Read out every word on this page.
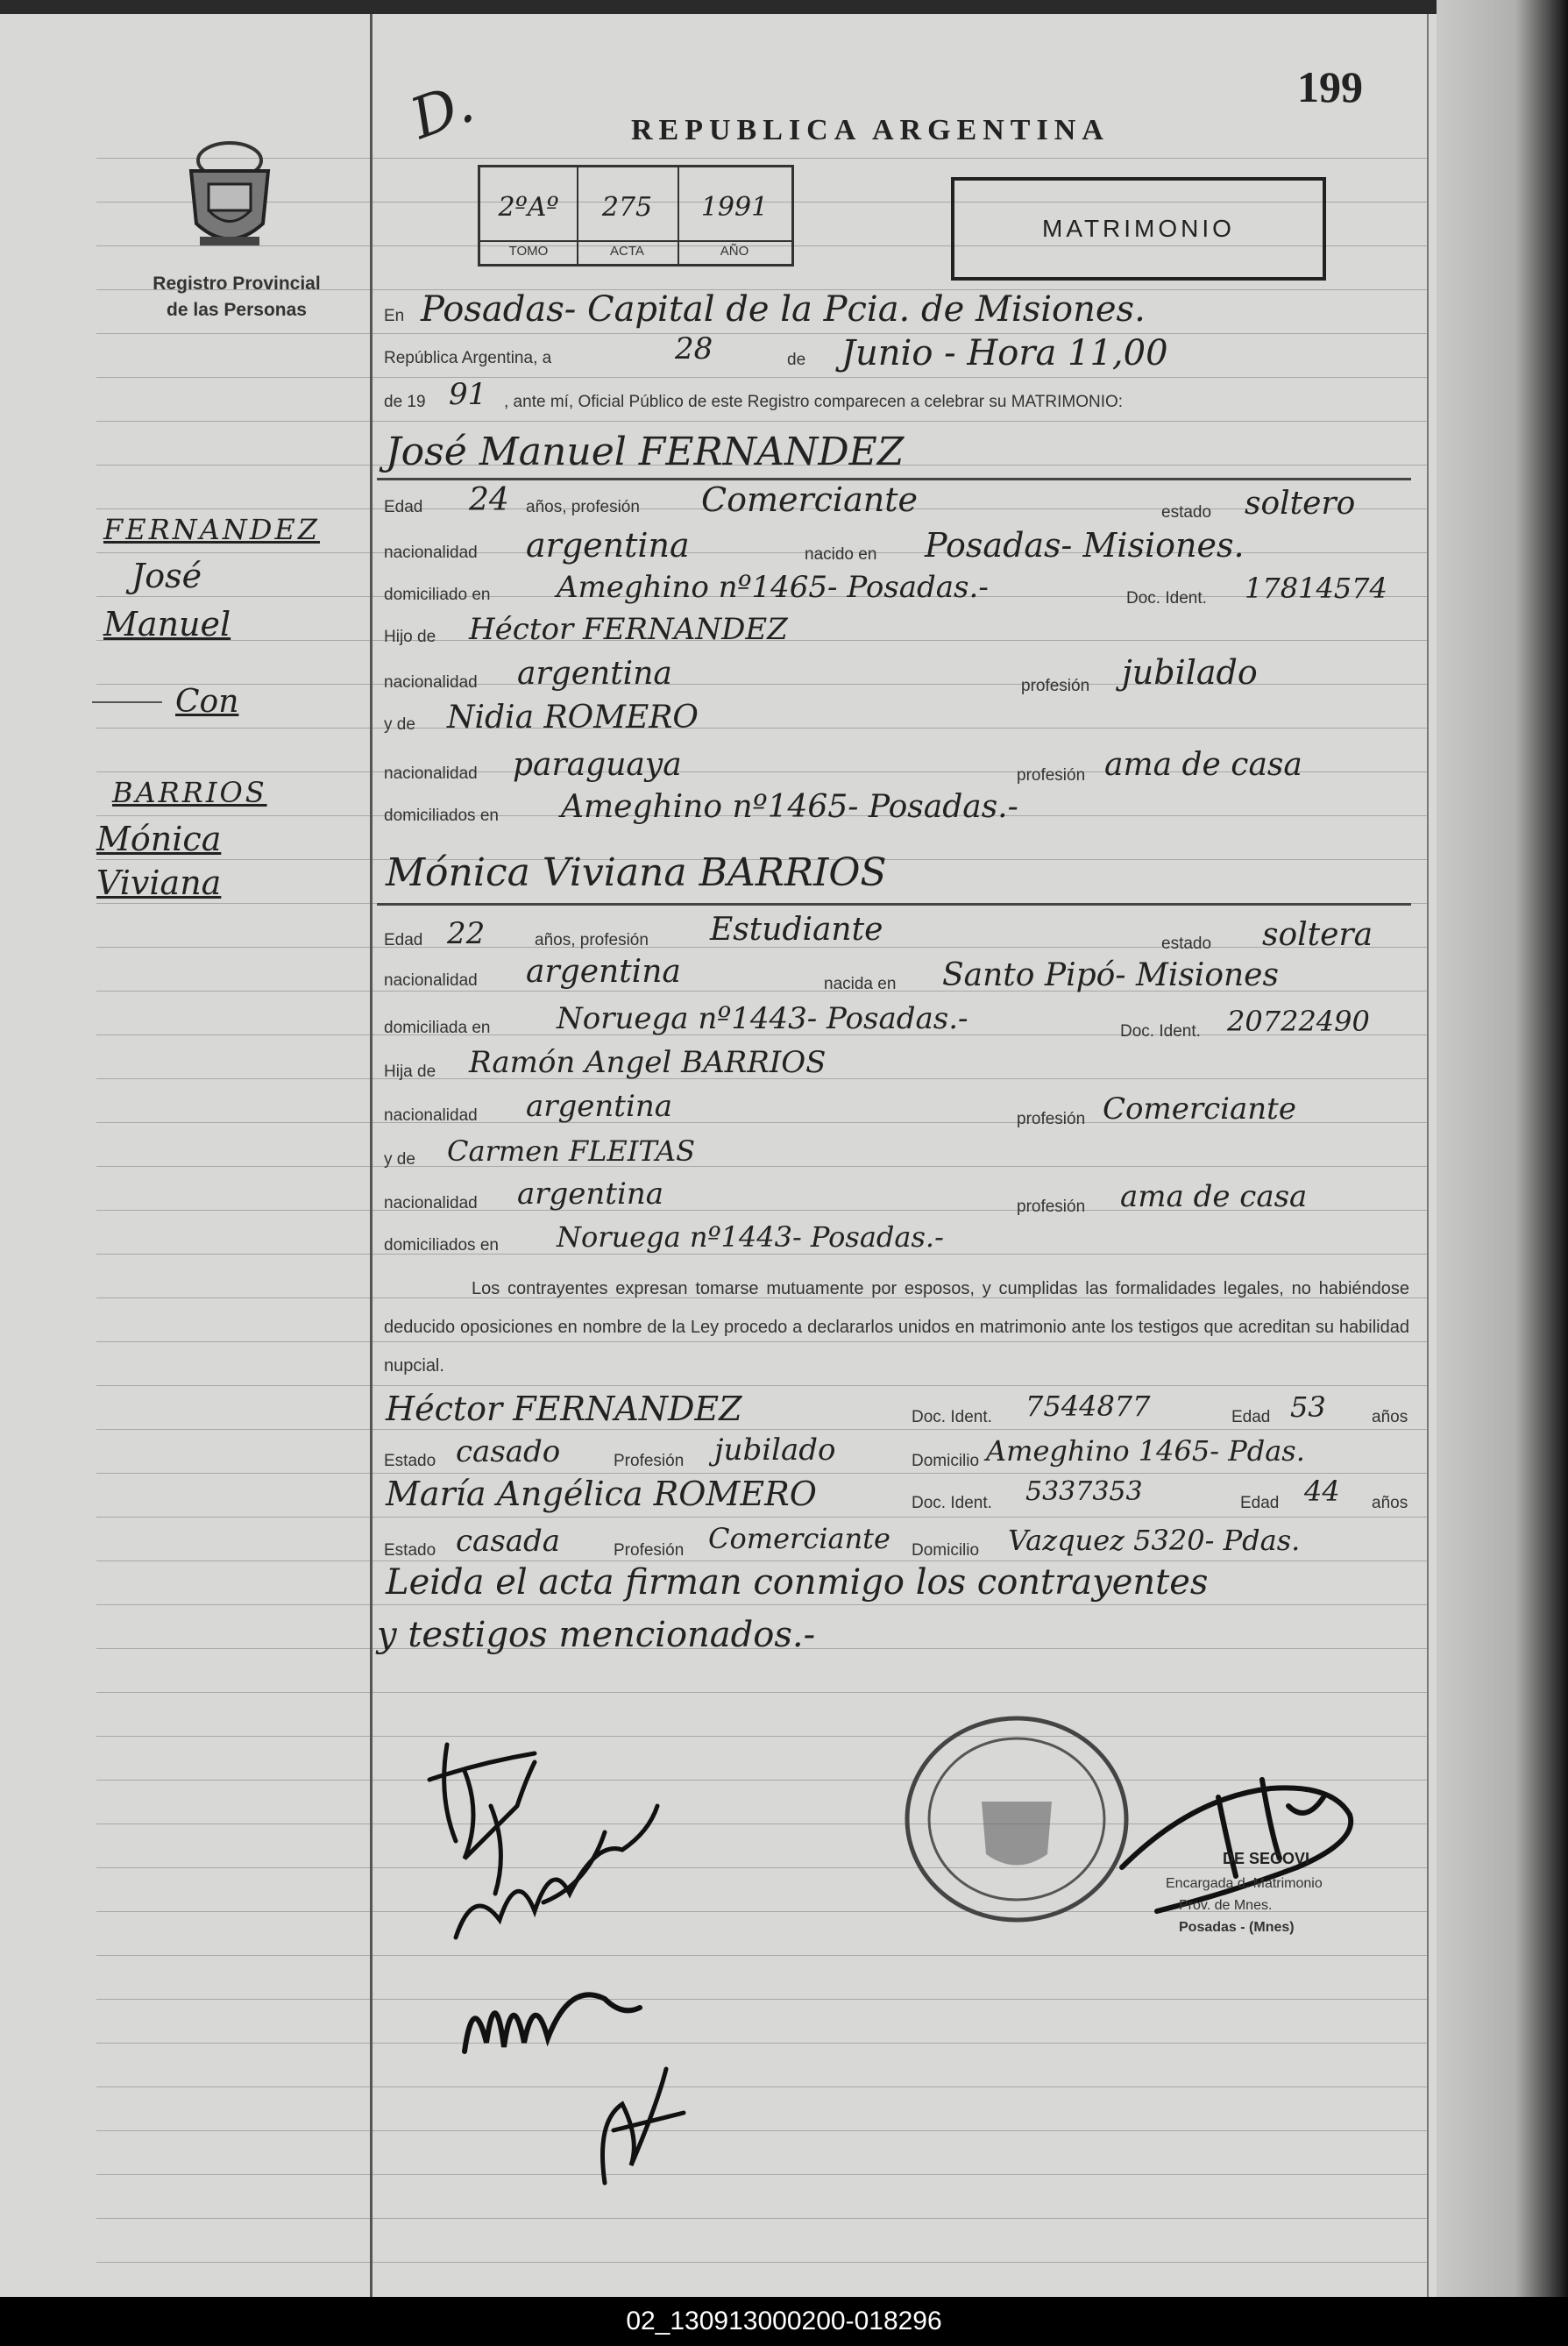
Registro Provincial
de las Personas
D.	REPUBLICA ARGENTINA
199
2ºAº
TOMO
275
ACTA
1991
AÑO
MATRIMONIO
FERNANDEZ
José
Manuel
Con
BARRIOS
Mónica
Viviana
En Posadas- Capital de la Pcia. de Misiones.
República Argentina, a	28	de Junio - Hora 11,00
de 19 91 , ante mí, Oficial Público de este Registro comparecen a celebrar su MATRIMONIO:
José Manuel FERNANDEZ
Edad 24 años, profesión Comerciante	estado soltero
nacionalidad argentina	nacido en Posadas- Misiones.
domiciliado en Ameghino nº1465- Posadas.-	Doc. Ident. 17814574
Hijo de Héctor FERNANDEZ
nacionalidad argentina	profesión jubilado
y de Nidia ROMERO
nacionalidad paraguaya	profesión ama de casa
domiciliados en Ameghino nº1465- Posadas.-
Mónica Viviana BARRIOS
Edad 22	años, profesión Estudiante	estado soltera
nacionalidad argentina	nacida en Santo Pipó- Misiones
domiciliada en Noruega nº1443- Posadas.-	Doc. Ident. 20722490
Hija de Ramón Angel BARRIOS
nacionalidad argentina	profesión Comerciante
y de Carmen FLEITAS
nacionalidad argentina	profesión ama de casa
domiciliados en Noruega nº1443- Posadas.-
Los contrayentes expresan tomarse mutuamente por esposos, y cumplidas las formalidades legales, no habiéndose deducido oposiciones en nombre de la Ley procedo a declararlos unidos en matrimonio ante los testigos que acreditan su habilidad nupcial.
Héctor FERNANDEZ	Doc. Ident. 7544877	Edad 53	años
Estado casado	Profesión jubilado	Domicilio Ameghino 1465- Pdas.
María Angélica ROMERO	Doc. Ident. 5337353	Edad 44 años
Estado casada	Profesión Comerciante Domicilio Vazquez 5320- Pdas.
Leida el acta firman conmigo los contrayentes
y testigos mencionados.-
DE SEGOVI
Encargada d. Matrimonio
Prov. de Mnes.
Posadas - (Mnes)
02_130913000200-018296
